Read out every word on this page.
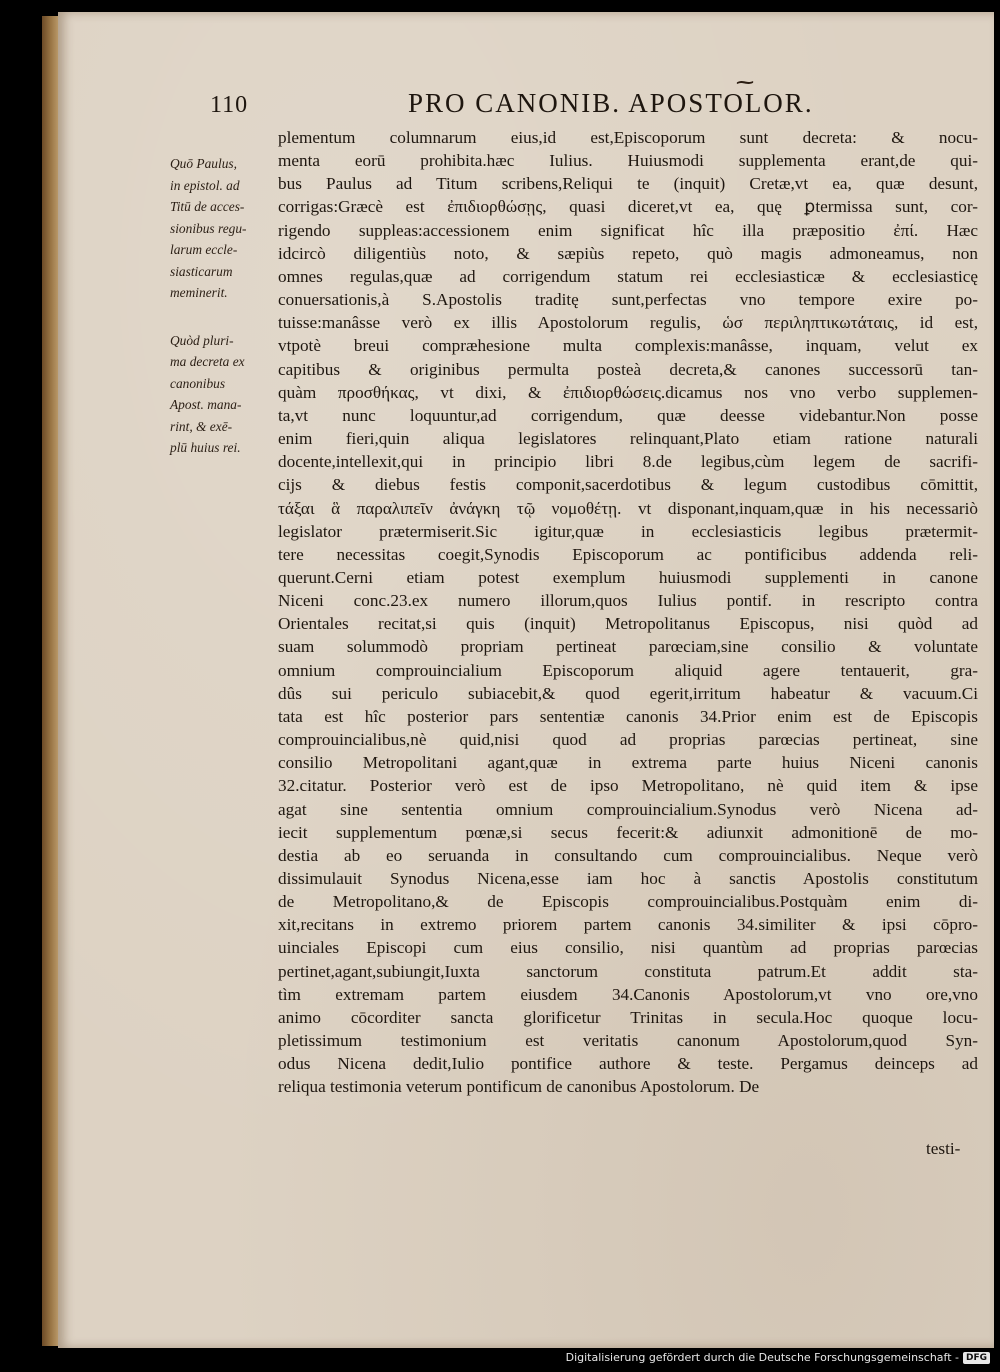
⁓
110	PRO CANONIB. APOSTOLOR.
Quō Paulus,
in epistol. ad
Titū de acces-
sionibus regu-
larum eccle-
siasticarum
meminerit.
Quòd pluri-
ma decreta ex
canonibus
Apost. mana-
rint, & exē-
plū huius rei.
plementum columnarum eius,id est,Episcoporum sunt decreta: & nocu-
menta eorū prohibita.hæc Iulius. Huiusmodi supplementa erant,de qui-
bus Paulus ad Titum scribens,Reliqui te (inquit) Cretæ,vt ea, quæ desunt,
corrigas:Græcè est ἐπιδιορθώσῃς, quasi diceret,vt ea, quę ꝑtermissa sunt, cor-
rigendo suppleas:accessionem enim significat hîc illa præpositio ἐπί. Hæc
idcircò diligentiùs noto, & sæpiùs repeto, quò magis admoneamus, non
omnes regulas,quæ ad corrigendum statum rei ecclesiasticæ & ecclesiasticę
conuersationis,à S.Apostolis traditę sunt,perfectas vno tempore exire po-
tuisse:manâsse verò ex illis Apostolorum regulis, ὡσ περιληπτικωτάταις, id est,
vtpotè breui compræhesione multa complexis:manâsse, inquam, velut ex
capitibus & originibus permulta posteà decreta,& canones successorū tan-
quàm προσθήκας, vt dixi, & ἐπιδιορθώσεις.dicamus nos vno verbo supplemen-
ta,vt nunc loquuntur,ad corrigendum, quæ deesse videbantur.Non posse
enim fieri,quin aliqua legislatores relinquant,Plato etiam ratione naturali
docente,intellexit,qui in principio libri 8.de legibus,cùm legem de sacrifi-
cijs & diebus festis componit,sacerdotibus & legum custodibus cōmittit,
τάξαι ἃ παραλιπεῖν ἀνάγκη τῷ νομοθέτῃ. vt disponant,inquam,quæ in his necessariò
legislator prætermiserit.Sic igitur,quæ in ecclesiasticis legibus prætermit-
tere necessitas coegit,Synodis Episcoporum ac pontificibus addenda reli-
querunt.Cerni etiam potest exemplum huiusmodi supplementi in canone
Niceni conc.23.ex numero illorum,quos Iulius pontif. in rescripto contra
Orientales recitat,si quis (inquit) Metropolitanus Episcopus, nisi quòd ad
suam solummodò propriam pertineat parœciam,sine consilio & voluntate
omnium comprouincialium Episcoporum aliquid agere tentauerit, gra-
dûs sui periculo subiacebit,& quod egerit,irritum habeatur & vacuum.Ci
tata est hîc posterior pars sententiæ canonis 34.Prior enim est de Episcopis
comprouincialibus,nè quid,nisi quod ad proprias parœcias pertineat, sine
consilio Metropolitani agant,quæ in extrema parte huius Niceni canonis
32.citatur. Posterior verò est de ipso Metropolitano, nè quid item & ipse
agat sine sententia omnium comprouincialium.Synodus verò Nicena ad-
iecit supplementum pœnæ,si secus fecerit:& adiunxit admonitionē de mo-
destia ab eo seruanda in consultando cum comprouincialibus. Neque verò
dissimulauit Synodus Nicena,esse iam hoc à sanctis Apostolis constitutum
de Metropolitano,& de Episcopis comprouincialibus.Postquàm enim di-
xit,recitans in extremo priorem partem canonis 34.similiter & ipsi cōpro-
uinciales Episcopi cum eius consilio, nisi quantùm ad proprias parœcias
pertinet,agant,subiungit,Iuxta sanctorum constituta patrum.Et addit sta-
tìm extremam partem eiusdem 34.Canonis Apostolorum,vt vno ore,vno
animo cōcorditer sancta glorificetur Trinitas in secula.Hoc quoque locu-
pletissimum testimonium est veritatis canonum Apostolorum,quod Syn-
odus Nicena dedit,Iulio pontifice authore & teste. Pergamus deinceps ad
reliqua testimonia veterum pontificum de canonibus Apostolorum. De
testi-
Digitalisierung gefördert durch die Deutsche Forschungsgemeinschaft - DFG
